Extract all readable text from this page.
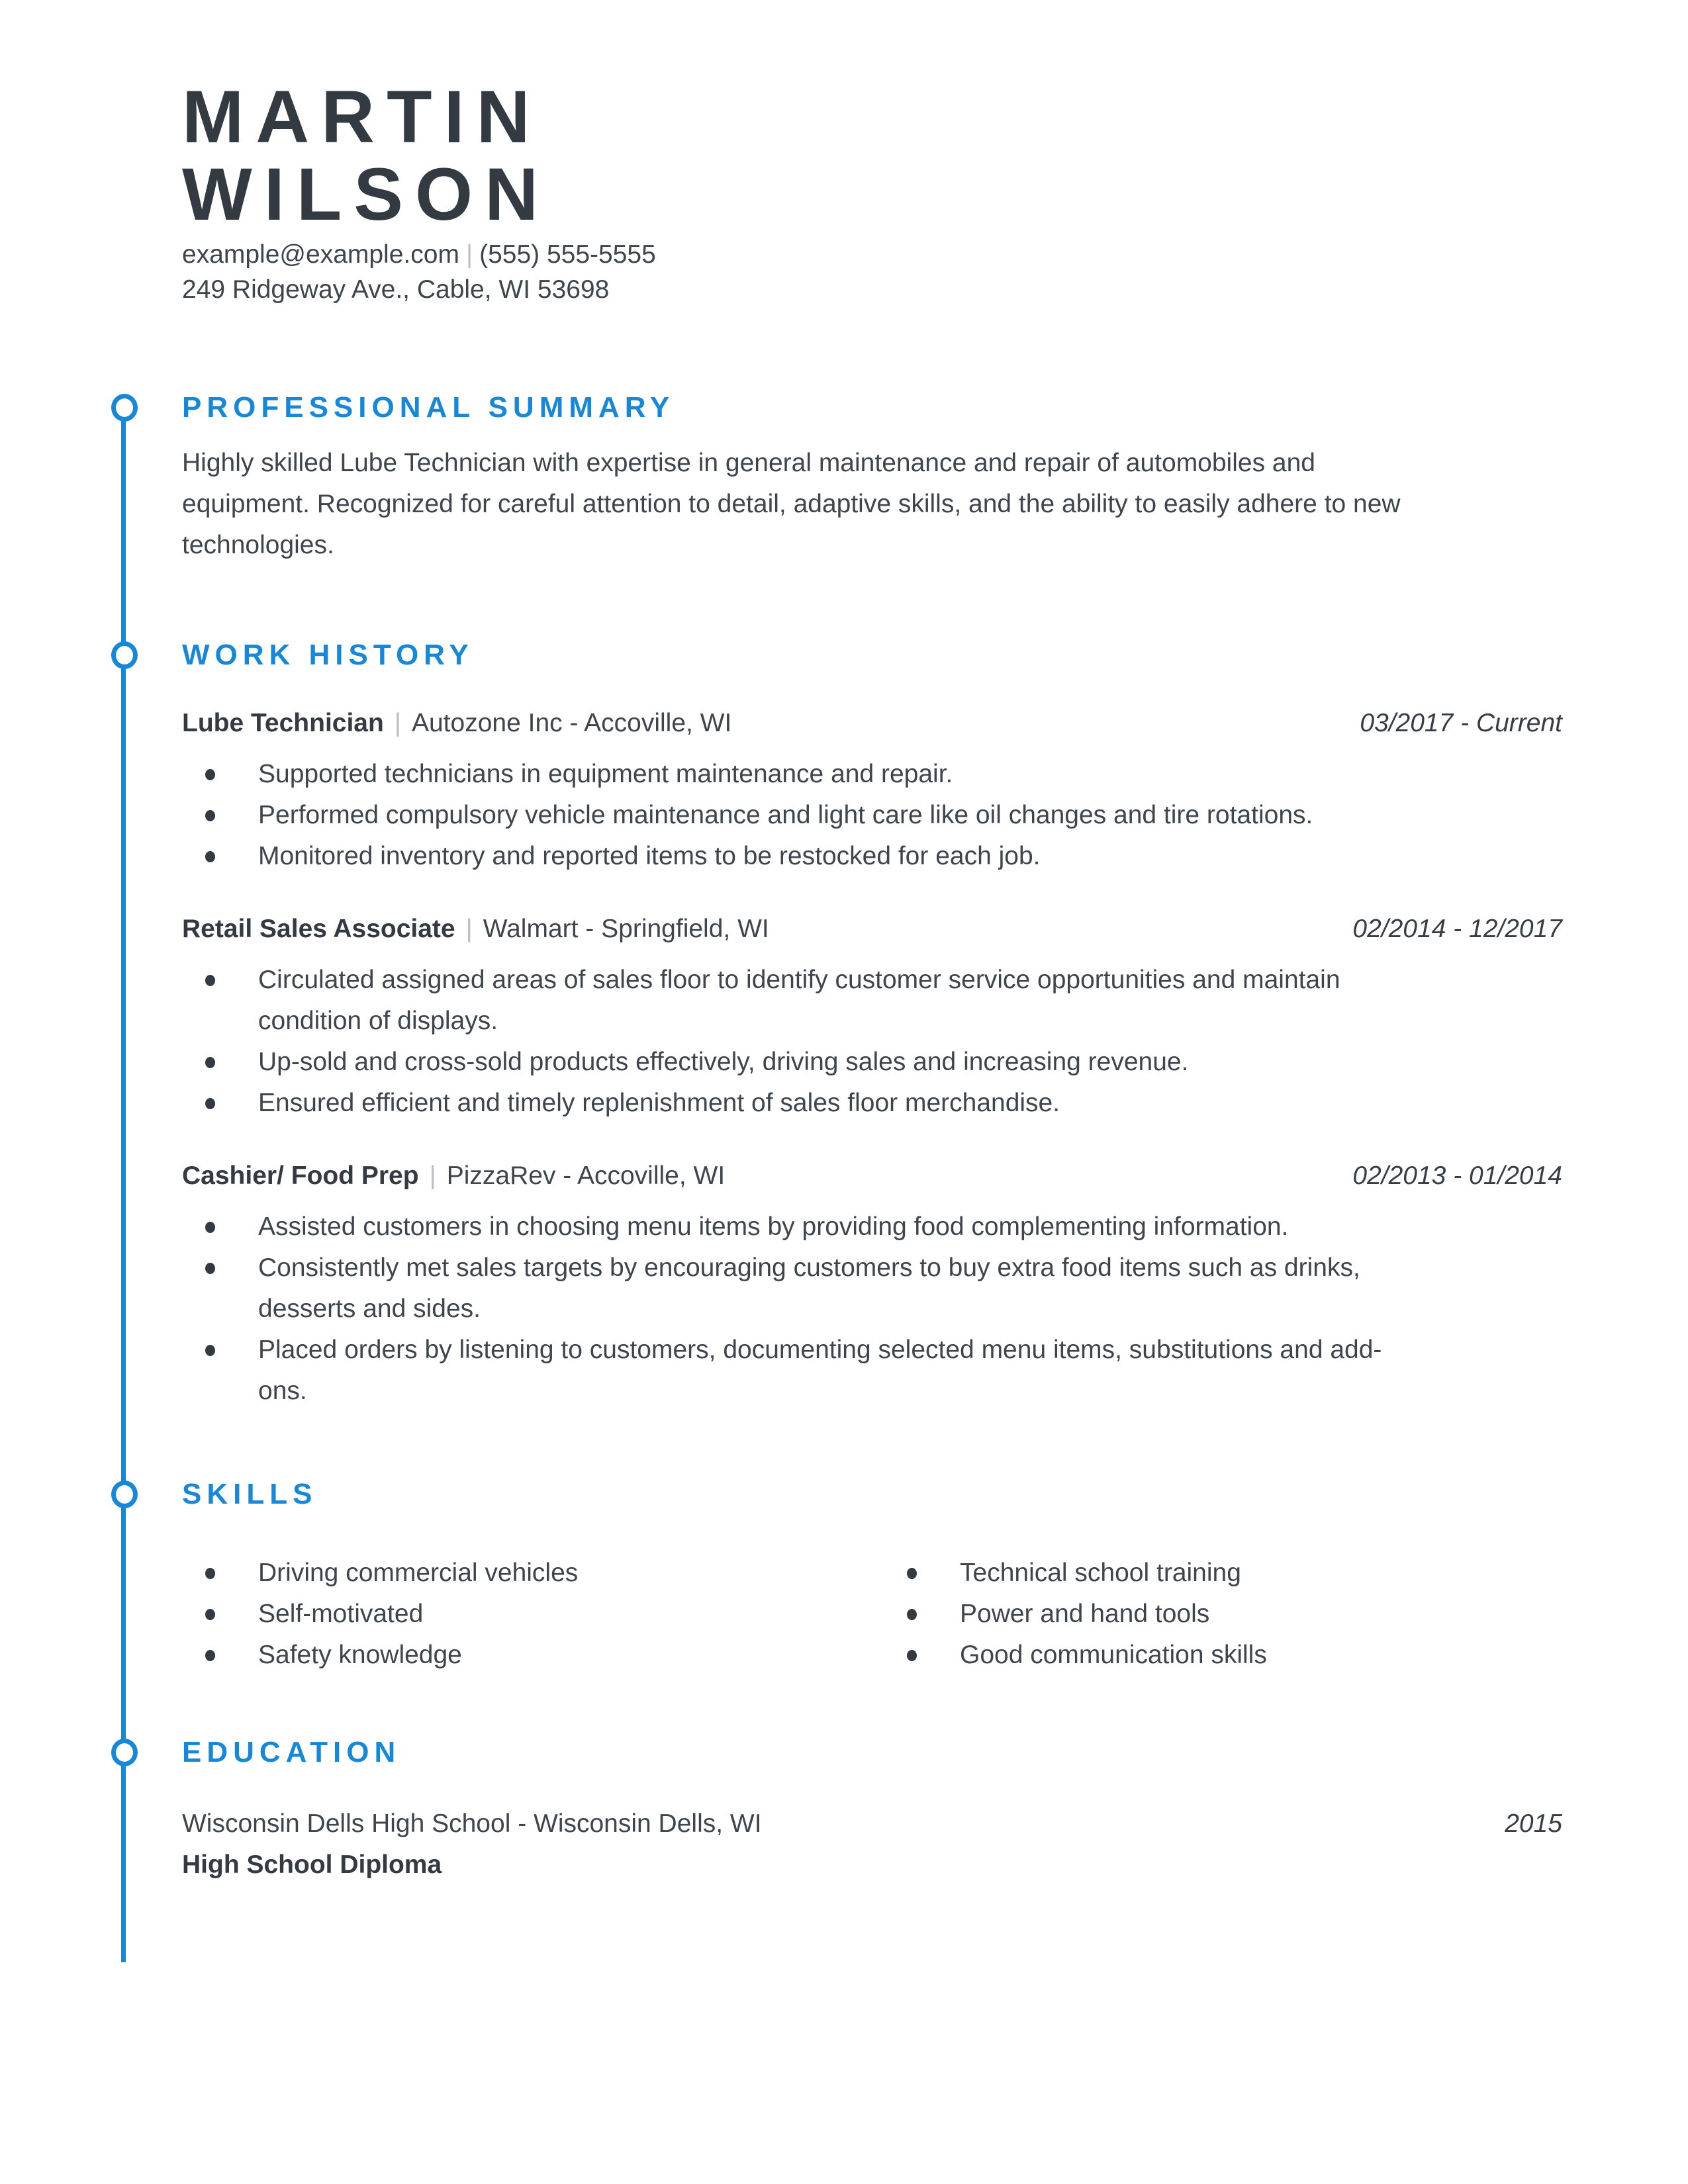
MARTIN
WILSON
example@example.com | (555) 555-5555
249 Ridgeway Ave., Cable, WI 53698
PROFESSIONAL SUMMARY
Highly skilled Lube Technician with expertise in general maintenance and repair of automobiles and equipment. Recognized for careful attention to detail, adaptive skills, and the ability to easily adhere to new technologies.
WORK HISTORY
Lube Technician | Autozone Inc - Accoville, WI	03/2017 - Current
Supported technicians in equipment maintenance and repair.
Performed compulsory vehicle maintenance and light care like oil changes and tire rotations.
Monitored inventory and reported items to be restocked for each job.
Retail Sales Associate | Walmart - Springfield, WI	02/2014 - 12/2017
Circulated assigned areas of sales floor to identify customer service opportunities and maintain condition of displays.
Up-sold and cross-sold products effectively, driving sales and increasing revenue.
Ensured efficient and timely replenishment of sales floor merchandise.
Cashier/ Food Prep | PizzaRev - Accoville, WI	02/2013 - 01/2014
Assisted customers in choosing menu items by providing food complementing information.
Consistently met sales targets by encouraging customers to buy extra food items such as drinks, desserts and sides.
Placed orders by listening to customers, documenting selected menu items, substitutions and add-ons.
SKILLS
Driving commercial vehicles
Self-motivated
Safety knowledge
Technical school training
Power and hand tools
Good communication skills
EDUCATION
Wisconsin Dells High School - Wisconsin Dells, WI	2015
High School Diploma
